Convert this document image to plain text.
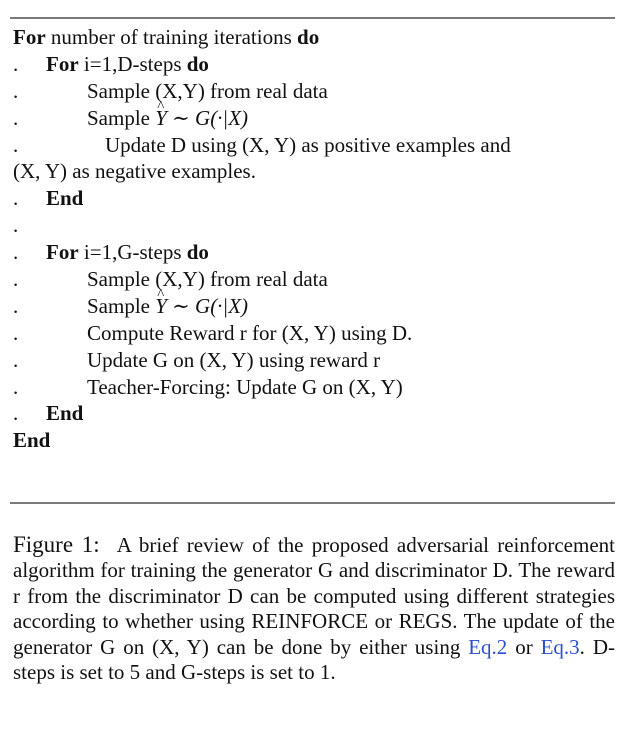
For number of training iterations do
. For i=1,D-steps do
.	Sample (X,Y) from real data
.	Sample Y ∼ G(·|X) ^
.	Update D using (X, Y) as positive examples and
(X, Y) as negative examples.
. End
.
. For i=1,G-steps do
.	Sample (X,Y) from real data
.	Sample Y ∼ G(·|X) ^
.	Compute Reward r for (X, Y) using D.
.	Update G on (X, Y) using reward r
.	Teacher-Forcing: Update G on (X, Y)
. End
End
Figure 1: A brief review of the proposed adversarial reinforcement algorithm for training the generator G and discriminator D. The reward r from the discriminator D can be computed using different strategies according to whether using REINFORCE or REGS. The update of the generator G on (X, Y) can be done by either using Eq.2 or Eq.3. D-steps is set to 5 and G-steps is set to 1.
